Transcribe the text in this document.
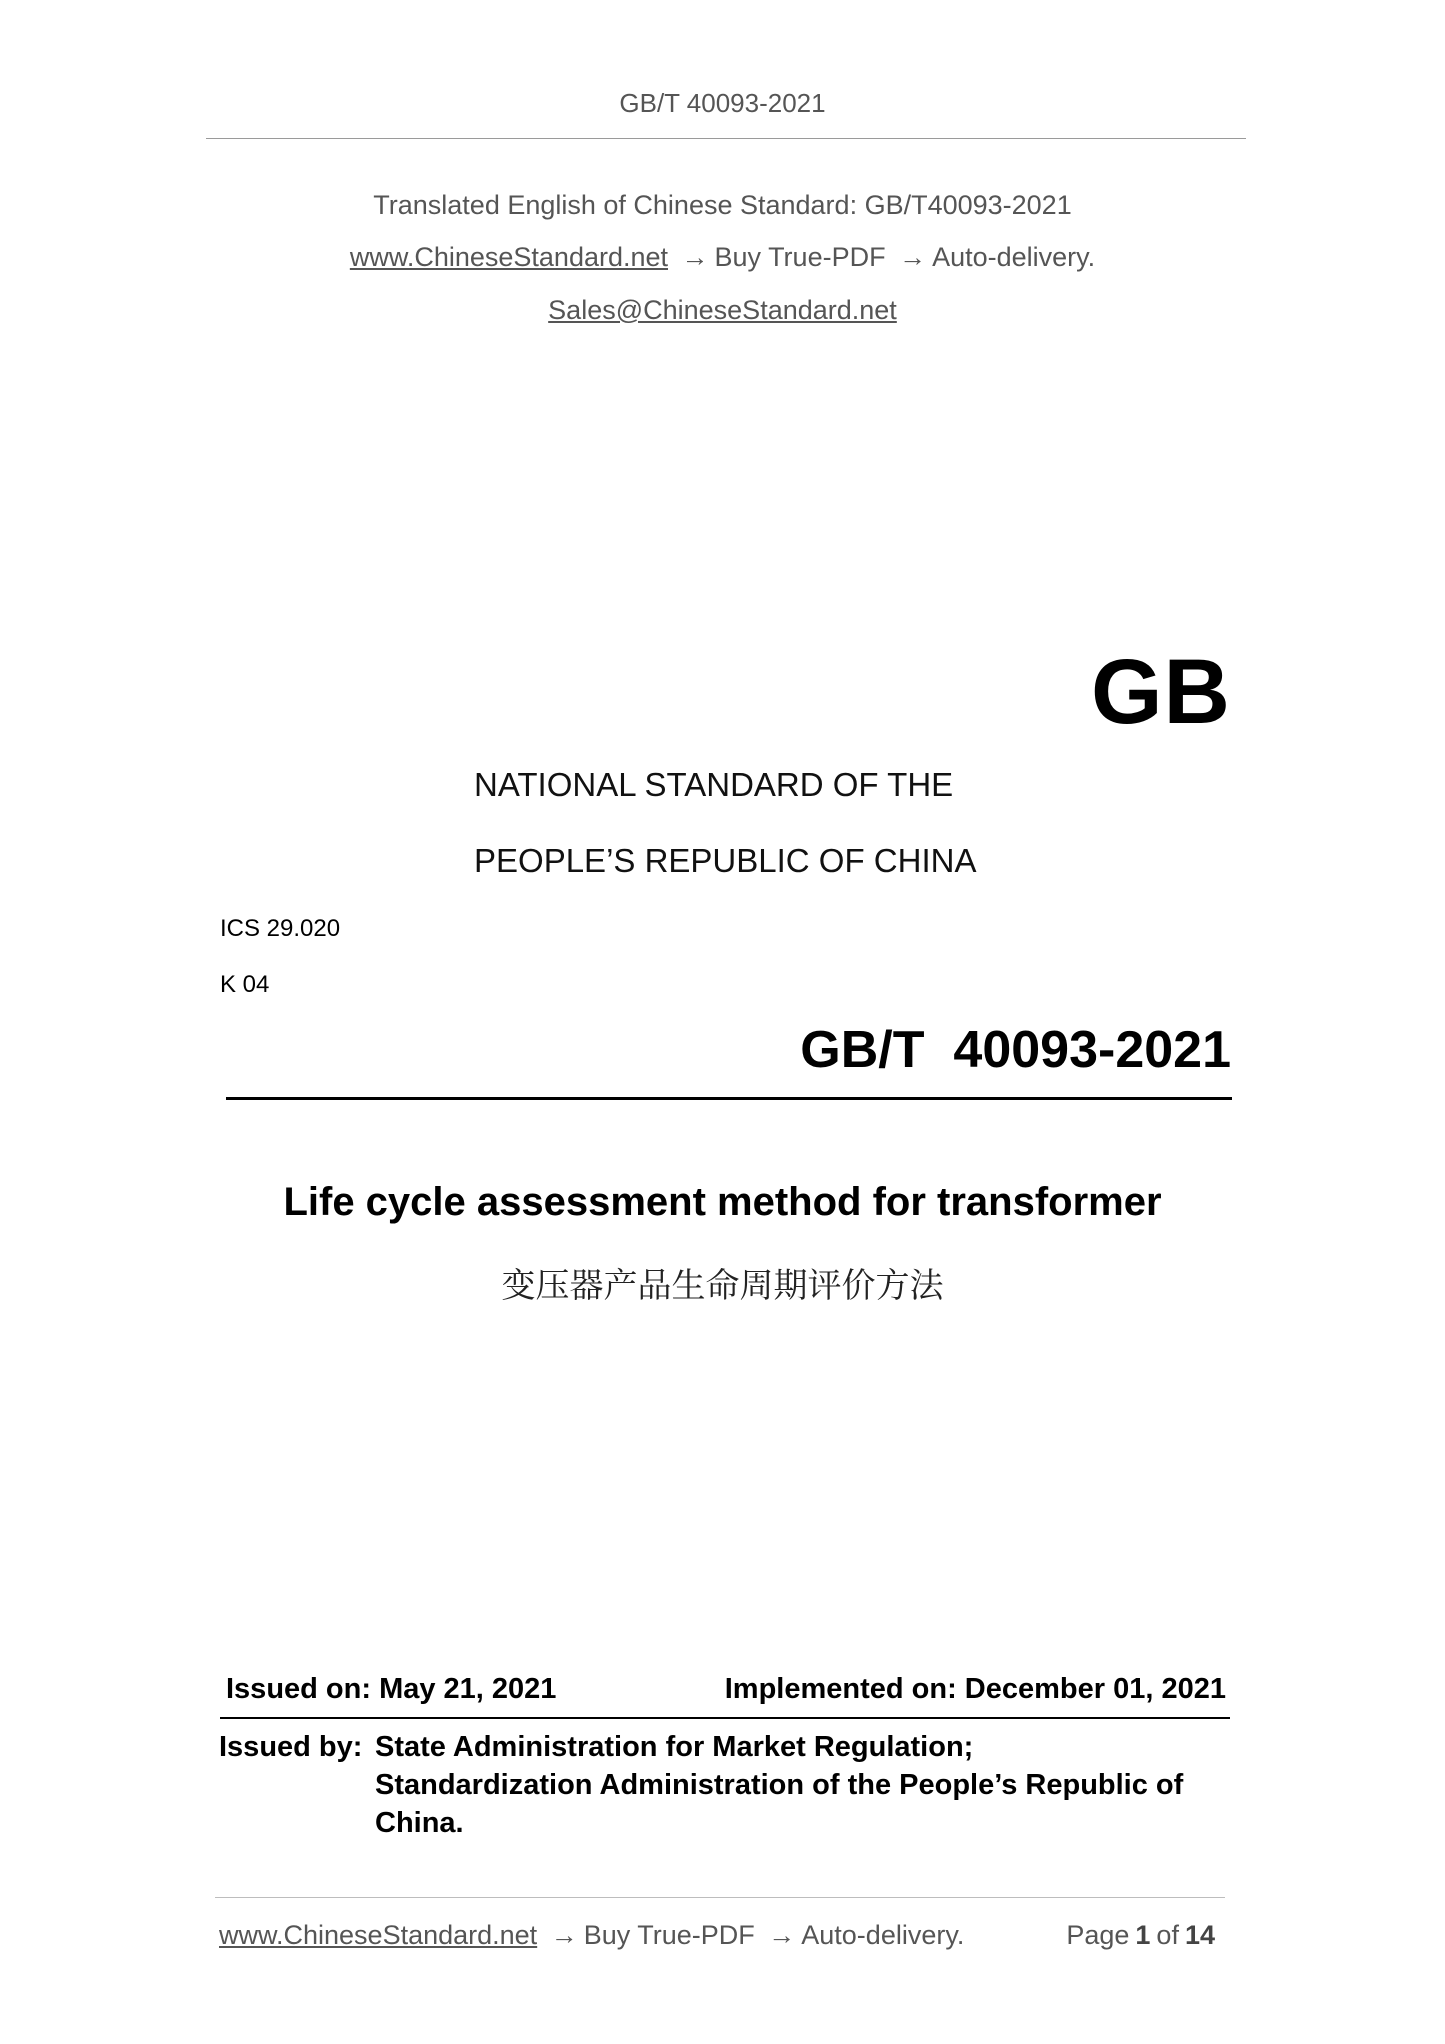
GB/T 40093-2021
Translated English of Chinese Standard: GB/T40093-2021
www.ChineseStandard.net → Buy True-PDF → Auto-delivery.
Sales@ChineseStandard.net
GB
NATIONAL STANDARD OF THE
PEOPLE’S REPUBLIC OF CHINA
ICS 29.020
K 04
GB/T  40093-2021
Life cycle assessment method for transformer
变压器产品生命周期评价方法
Issued on: May 21, 2021	Implemented on: December 01, 2021
Issued by: State Administration for Market Regulation;
Standardization Administration of the People’s Republic of
China.
www.ChineseStandard.net → Buy True-PDF → Auto-delivery.	Page 1 of 14
